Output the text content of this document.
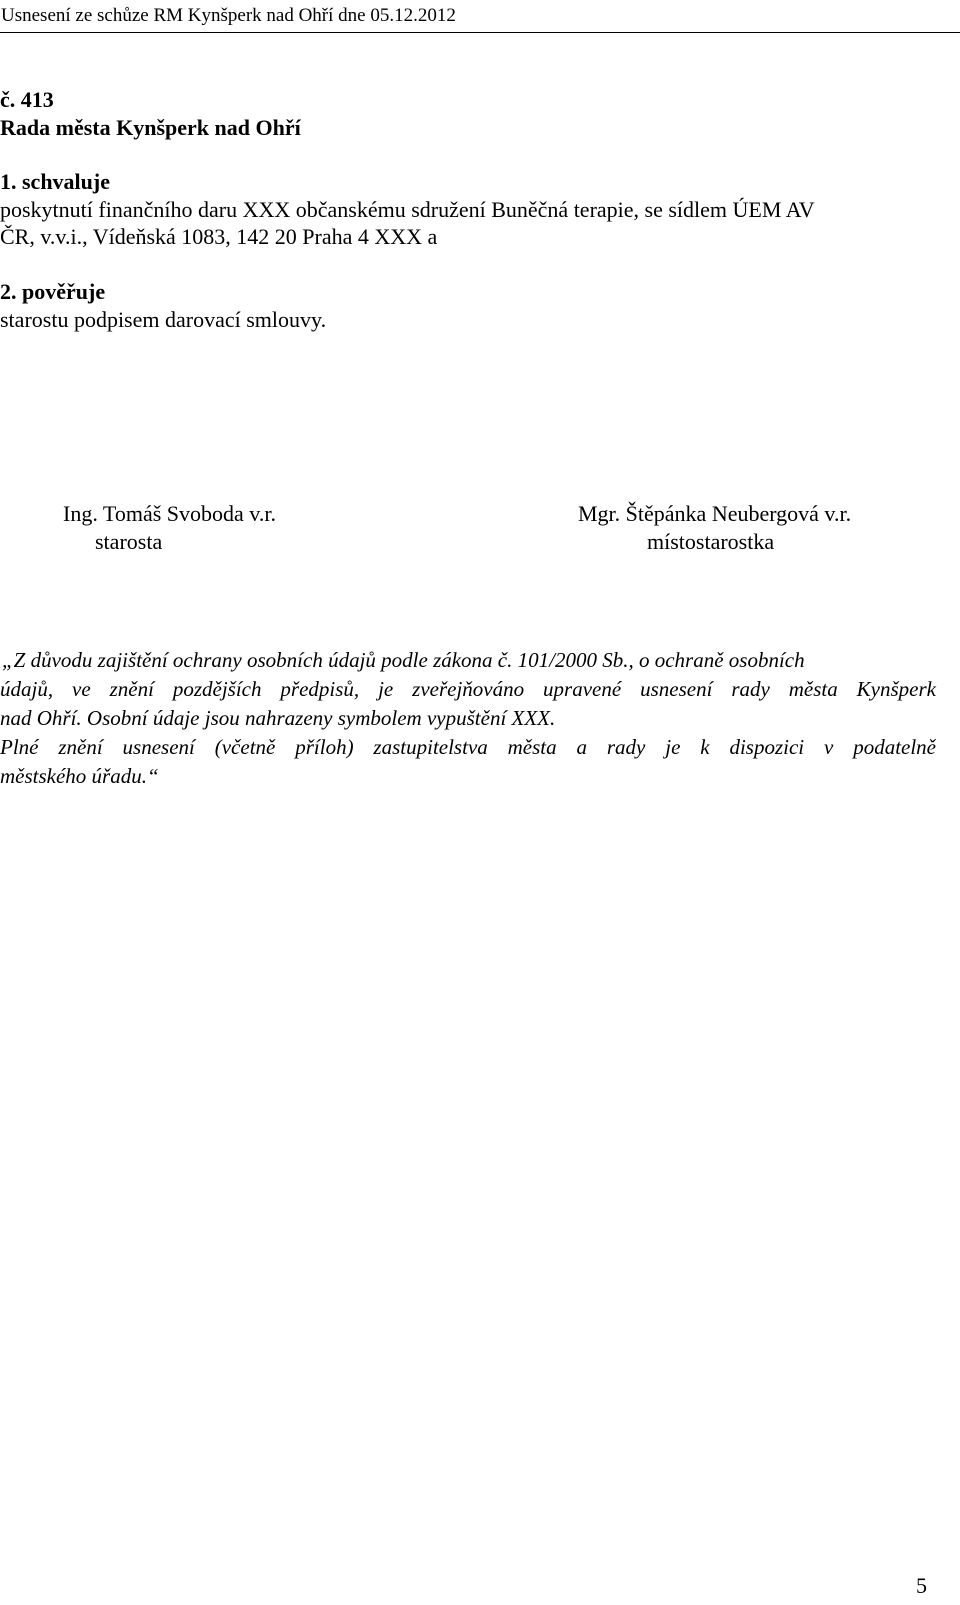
Usnesení ze schůze RM Kynšperk nad Ohří dne 05.12.2012
č. 413
Rada města Kynšperk nad Ohří
1. schvaluje
poskytnutí finančního daru XXX občanskému sdružení Buněčná terapie, se sídlem ÚEM AV
ČR, v.v.i., Vídeňská 1083, 142 20 Praha 4 XXX a
2. pověřuje
starostu podpisem darovací smlouvy.
Ing. Tomáš Svoboda v.r.
starosta
Mgr. Štěpánka Neubergová v.r.
místostarostka
„Z důvodu zajištění ochrany osobních údajů podle zákona č. 101/2000 Sb., o ochraně osobních
údajů, ve znění pozdějších předpisů, je zveřejňováno upravené usnesení rady města Kynšperk
nad Ohří. Osobní údaje jsou nahrazeny symbolem vypuštění XXX.
Plné znění usnesení (včetně příloh) zastupitelstva města a rady je k dispozici v podatelně
městského úřadu.“
5
